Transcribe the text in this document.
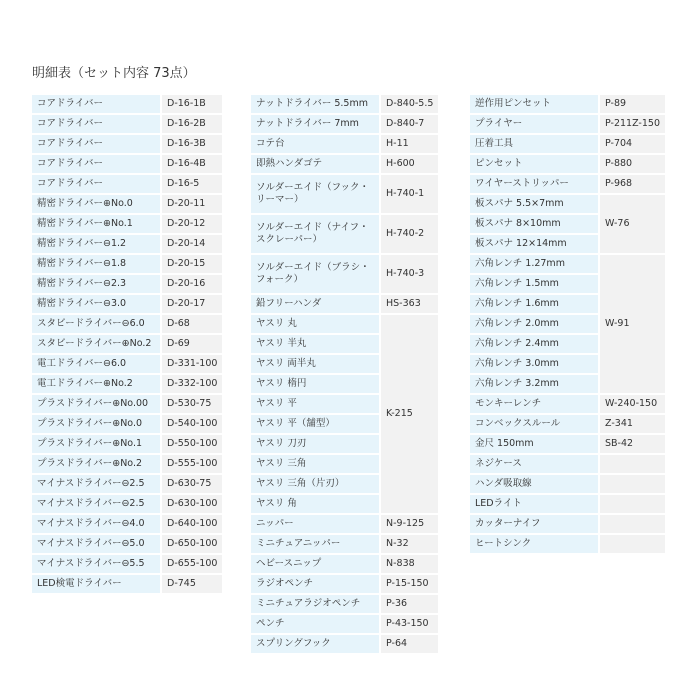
明細表（セット内容 73点）
コアドライバー	D-16-1B
コアドライバー	D-16-2B
コアドライバー	D-16-3B
コアドライバー	D-16-4B
コアドライバー	D-16-5
精密ドライバー⊕No.0	D-20-11
精密ドライバー⊕No.1	D-20-12
精密ドライバー⊖1.2	D-20-14
精密ドライバー⊖1.8	D-20-15
精密ドライバー⊖2.3	D-20-16
精密ドライバー⊖3.0	D-20-17
スタビードライバー⊖6.0	D-68
スタビードライバー⊕No.2	D-69
電工ドライバー⊖6.0	D-331-100
電工ドライバー⊕No.2	D-332-100
プラスドライバー⊕No.00	D-530-75
プラスドライバー⊕No.0	D-540-100
プラスドライバー⊕No.1	D-550-100
プラスドライバー⊕No.2	D-555-100
マイナスドライバー⊖2.5	D-630-75
マイナスドライバー⊖2.5	D-630-100
マイナスドライバー⊖4.0	D-640-100
マイナスドライバー⊖5.0	D-650-100
マイナスドライバー⊖5.5	D-655-100
LED検電ドライバー	D-745
ナットドライバー 5.5mm	D-840-5.5
ナットドライバー 7mm	D-840-7
コテ台	H-11
即熱ハンダゴテ	H-600
ソルダーエイド（フック・リーマー）	H-740-1
ソルダーエイド（ナイフ・スクレーパー）	H-740-2
ソルダーエイド（ブラシ・フォーク）	H-740-3
鉛フリーハンダ	HS-363
ヤスリ 丸	K-215
ヤスリ 半丸	
ヤスリ 両半丸	
ヤスリ 楕円	
ヤスリ 平	
ヤスリ 平（舗型）	
ヤスリ 刀刃	
ヤスリ 三角	
ヤスリ 三角（片刃）	
ヤスリ 角	
ニッパー	N-9-125
ミニチュアニッパー	N-32
ヘビースニップ	N-838
ラジオペンチ	P-15-150
ミニチュアラジオペンチ	P-36
ペンチ	P-43-150
スプリングフック	P-64
逆作用ピンセット	P-89
プライヤー	P-211Z-150
圧着工具	P-704
ピンセット	P-880
ワイヤーストリッパー	P-968
板スパナ 5.5×7mm	W-76
板スパナ 8×10mm	
板スパナ 12×14mm	
六角レンチ 1.27mm	W-91
六角レンチ 1.5mm	
六角レンチ 1.6mm	
六角レンチ 2.0mm	
六角レンチ 2.4mm	
六角レンチ 3.0mm	
六角レンチ 3.2mm	
モンキーレンチ	W-240-150
コンベックスルール	Z-341
金尺 150mm	SB-42
ネジケース	
ハンダ吸取線	
LEDライト	
カッターナイフ	
ヒートシンク	
